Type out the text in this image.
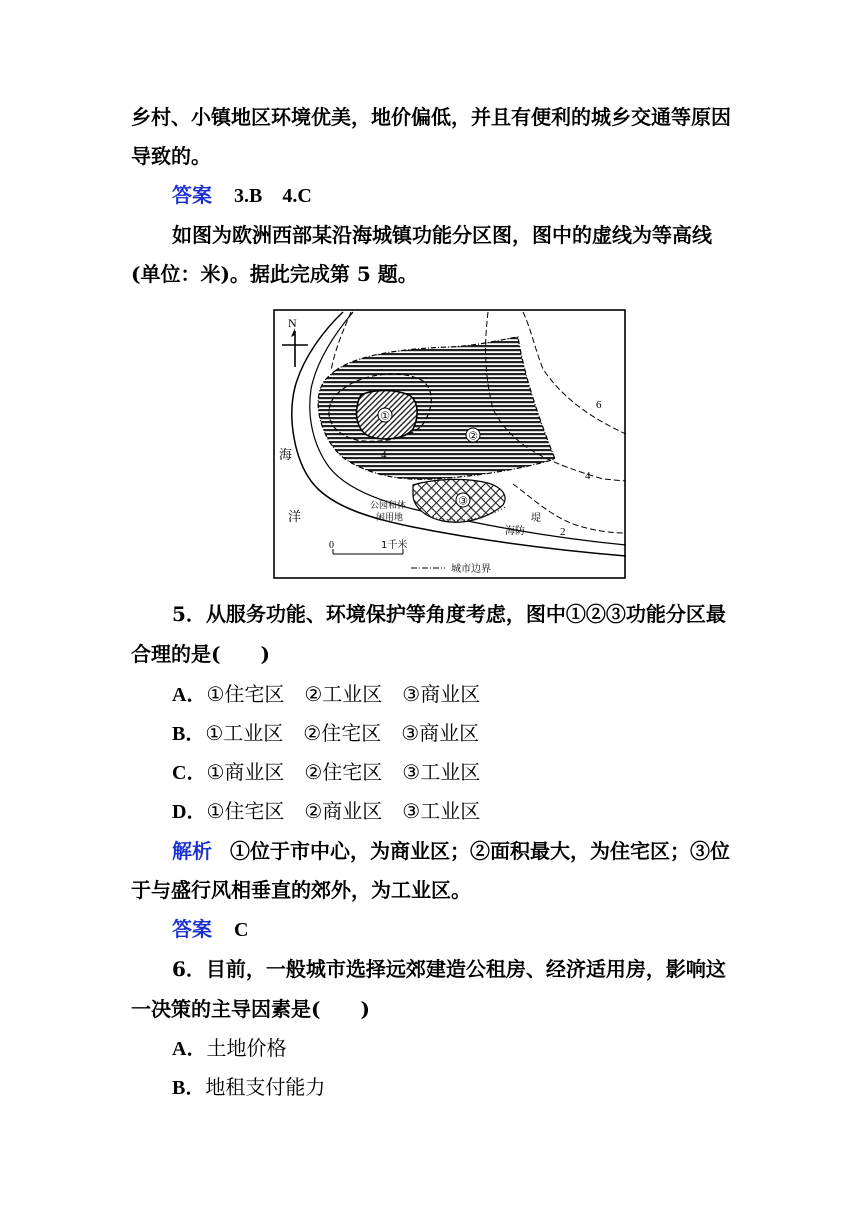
乡村、小镇地区环境优美，地价偏低，并且有便利的城乡交通等原因
导致的。
答案 3.B　4.C
如图为欧洲西部某沿海城镇功能分区图，图中的虚线为等高线
(单位：米)。据此完成第 5 题。
N
①
②
③
6
4
4
2
海
洋
公园和休
闲用地
海防
堤
0	1千米
城市边界
5．从服务功能、环境保护等角度考虑，图中①②③功能分区最
合理的是(　　)
A．①住宅区　②工业区　③商业区
B．①工业区　②住宅区　③商业区
C．①商业区　②住宅区　③工业区
D．①住宅区　②商业区　③工业区
解析 ①位于市中心，为商业区；②面积最大，为住宅区；③位
于与盛行风相垂直的郊外，为工业区。
答案 C
6．目前，一般城市选择远郊建造公租房、经济适用房，影响这
一决策的主导因素是(　　)
A．土地价格
B．地租支付能力
